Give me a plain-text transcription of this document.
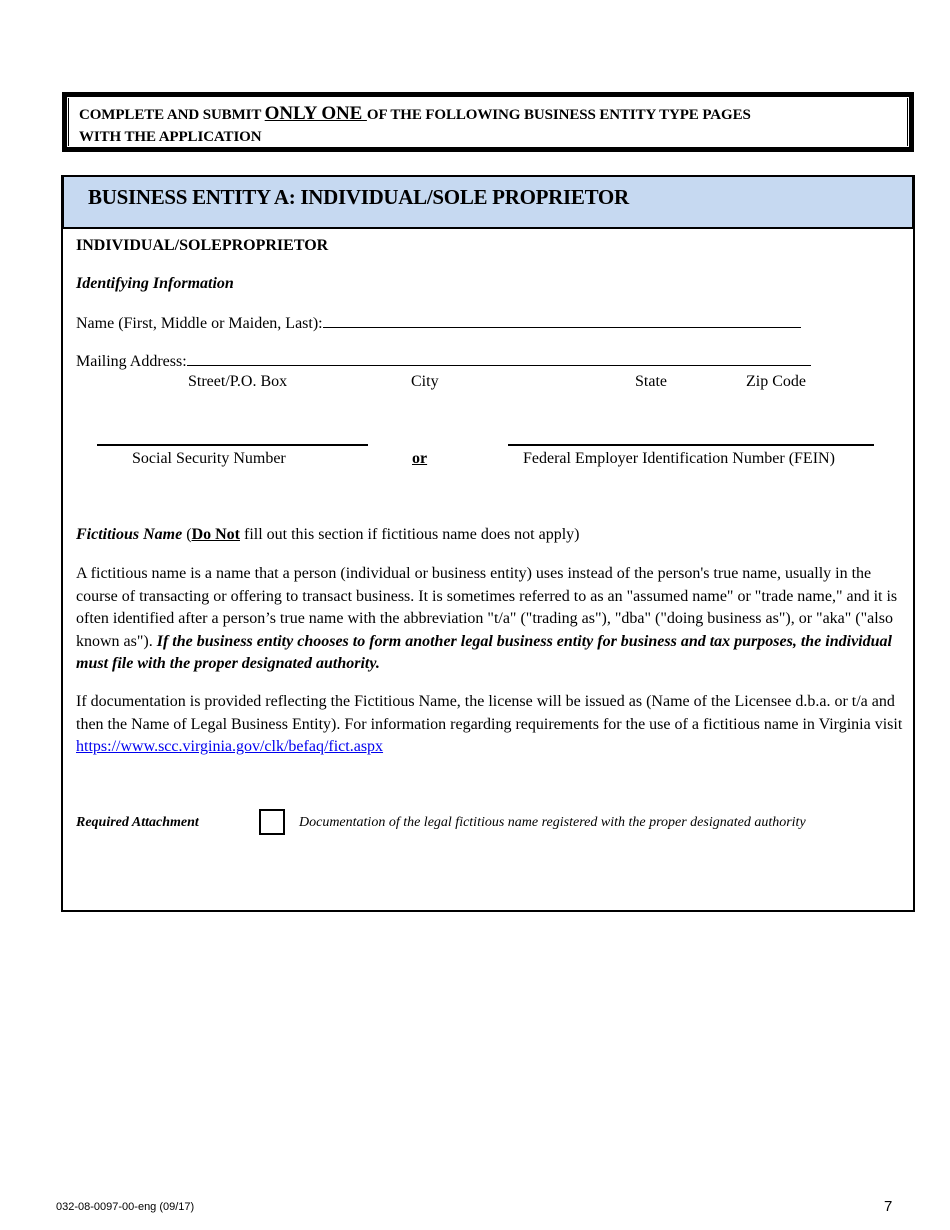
COMPLETE AND SUBMIT ONLY ONE OF THE FOLLOWING BUSINESS ENTITY TYPE PAGES
WITH THE APPLICATION
BUSINESS ENTITY A: INDIVIDUAL/SOLE PROPRIETOR
INDIVIDUAL/SOLEPROPRIETOR
Identifying Information
Name (First, Middle or Maiden, Last):
Mailing Address:
Street/P.O. Box	City	State	Zip Code
Social Security Number	or	Federal Employer Identification Number (FEIN)
Fictitious Name (Do Not fill out this section if fictitious name does not apply)
A fictitious name is a name that a person (individual or business entity) uses instead of the person's true name, usually in the course of transacting or offering to transact business. It is sometimes referred to as an "assumed name" or "trade name," and it is often identified after a person’s true name with the abbreviation "t/a" ("trading as"), "dba" ("doing business as"), or "aka" ("also known as"). If the business entity chooses to form another legal business entity for business and tax purposes, the individual must file with the proper designated authority.
If documentation is provided reflecting the Fictitious Name, the license will be issued as (Name of the Licensee d.b.a. or t/a and then the Name of Legal Business Entity). For information regarding requirements for the use of a fictitious name in Virginia visit https://www.scc.virginia.gov/clk/befaq/fict.aspx
Required Attachment	Documentation of the legal fictitious name registered with the proper designated authority
032-08-0097-00-eng (09/17)	7
